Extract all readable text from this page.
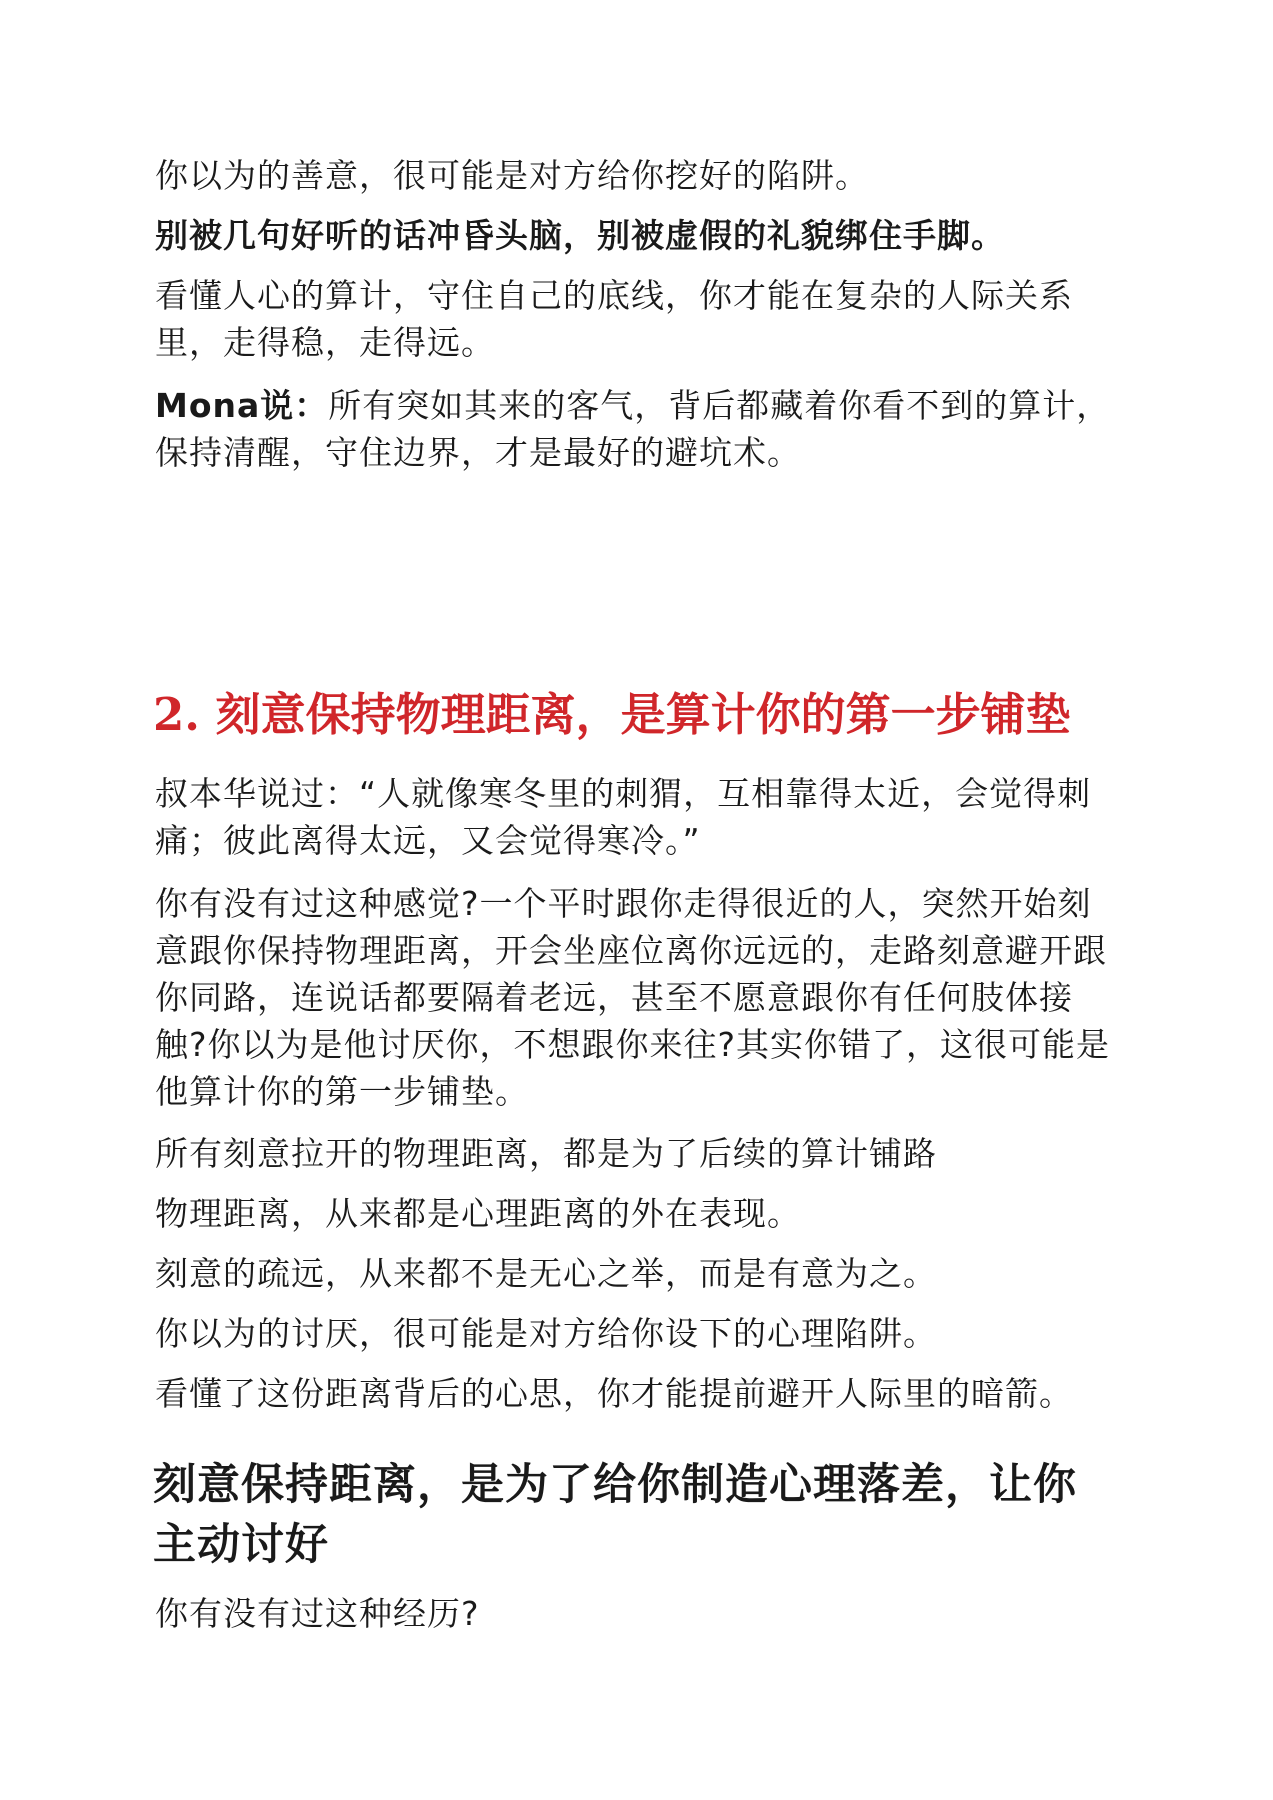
你以为的善意，很可能是对方给你挖好的陷阱。

别被几句好听的话冲昏头脑，别被虚假的礼貌绑住手脚。

看懂人心的算计，守住自己的底线，你才能在复杂的人际关系里，走得稳，走得远。

Mona说：所有突如其来的客气，背后都藏着你看不到的算计，保持清醒，守住边界，才是最好的避坑术。

2. 刻意保持物理距离，是算计你的第一步铺垫

叔本华说过：“人就像寒冬里的刺猬，互相靠得太近，会觉得刺痛；彼此离得太远，又会觉得寒冷。”

你有没有过这种感觉?一个平时跟你走得很近的人，突然开始刻意跟你保持物理距离，开会坐座位离你远远的，走路刻意避开跟你同路，连说话都要隔着老远，甚至不愿意跟你有任何肢体接触?你以为是他讨厌你，不想跟你来往?其实你错了，这很可能是他算计你的第一步铺垫。

所有刻意拉开的物理距离，都是为了后续的算计铺路

物理距离，从来都是心理距离的外在表现。

刻意的疏远，从来都不是无心之举，而是有意为之。

你以为的讨厌，很可能是对方给你设下的心理陷阱。

看懂了这份距离背后的心思，你才能提前避开人际里的暗箭。

刻意保持距离，是为了给你制造心理落差，让你主动讨好

你有没有过这种经历?
